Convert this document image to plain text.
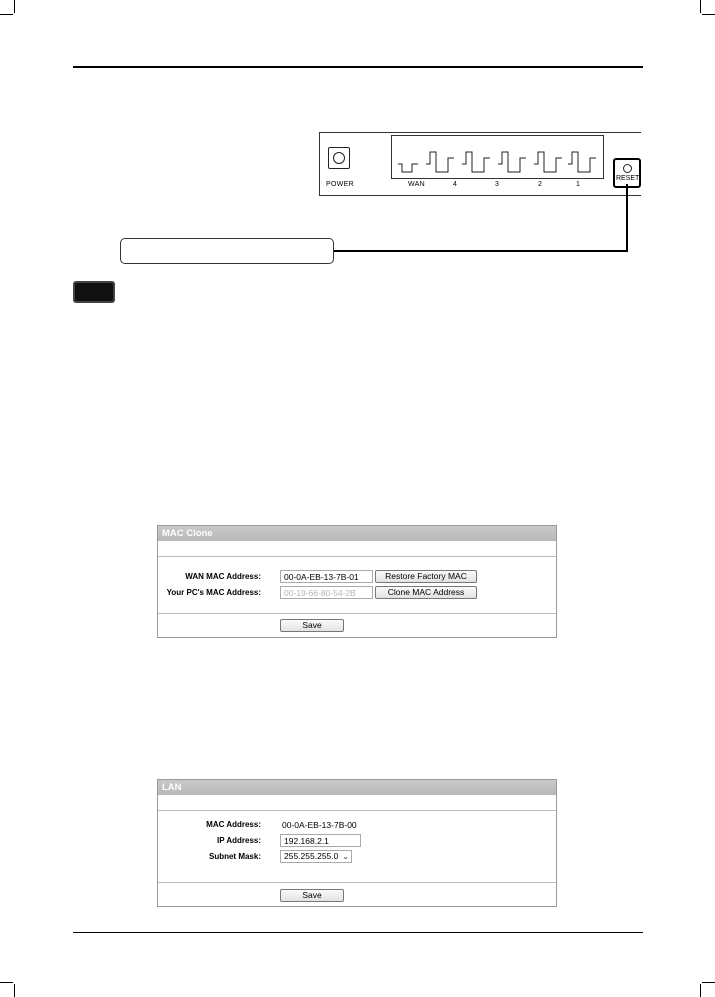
POWER	WAN	4	3	2	1
RESET
MAC Clone
WAN MAC Address:	00-0A-EB-13-7B-01	Restore Factory MAC
Your PC's MAC Address:	00-19-66-80-54-2B	Clone MAC Address
Save
LAN
MAC Address: 00-0A-EB-13-7B-00
IP Address:	192.168.2.1
Subnet Mask:	255.255.255.0 ⌄
Save
